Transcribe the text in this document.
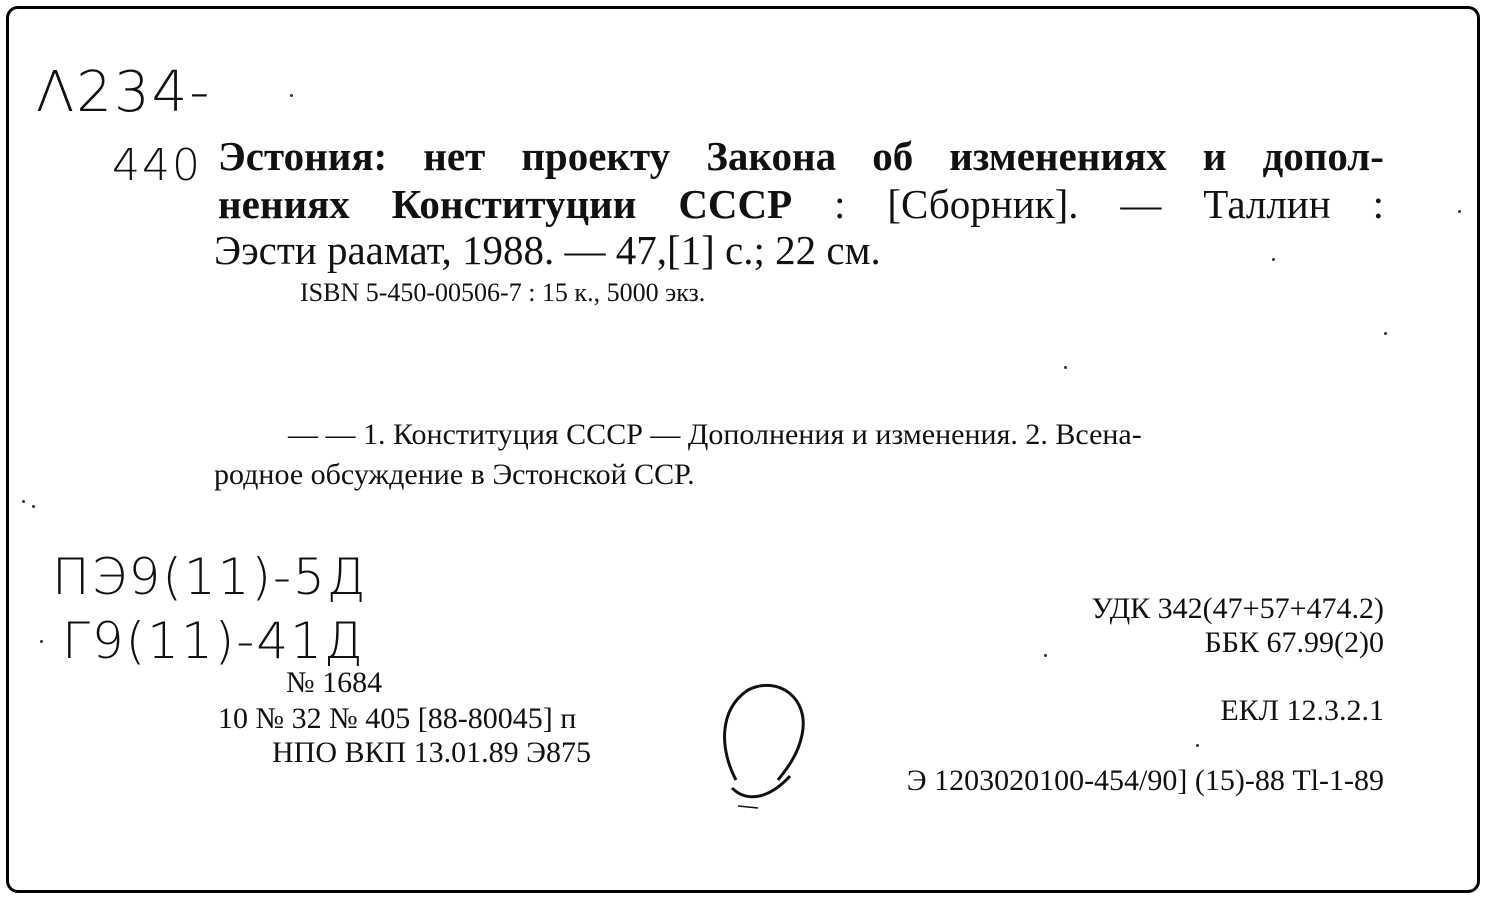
Λ234-
440 Эстония: нет проекту Закона об изменениях и допол-
нениях Конституции СССР : [Сборник]. — Таллин :
Ээсти раамат, 1988. — 47,[1] с.; 22 см.
ISBN 5-450-00506-7 : 15 к., 5000 экз.
— — 1. Конституция СССР — Дополнения и изменения. 2. Всена-
родное обсуждение в Эстонской ССР.
ΠЭ9(11)-5Д
Γ9(11)-41Д
УДК 342(47+57+474.2)
ББК 67.99(2)0
ЕКЛ 12.3.2.1
Э 1203020100-454/90] (15)-88 Tl-1-89
№ 1684
10 № 32 № 405 [88-80045] п
НПО ВКП 13.01.89 Э875
